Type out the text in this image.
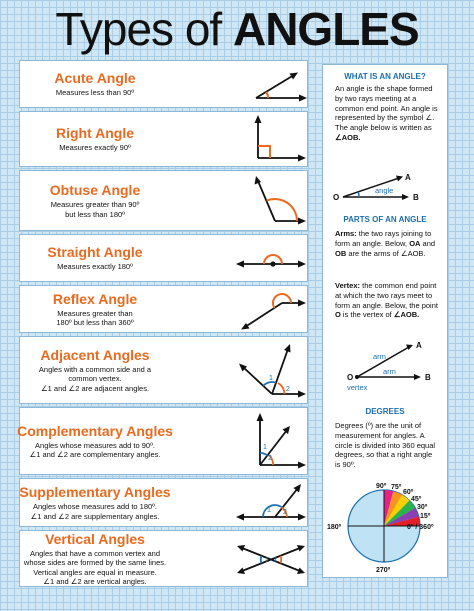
Types of ANGLES
Acute Angle
Measures less than 90º
Right Angle
Measures exactly 90º
Obtuse Angle
Measures greater than 90º
but less than 180º
Straight Angle
Measures exactly 180º
Reflex Angle
Measures greater than
180º but less than 360º
Adjacent Angles
Angles with a common side and a
common vertex.
∠1 and ∠2 are adjacent angles.
1
2
Complementary Angles
Angles whose measures add to 90º.
∠1 and ∠2 are complementary angles.
1
2
Supplementary Angles
Angles whose measures add to 180º.
∠1 and ∠2 are supplementary angles.
1 2
Vertical Angles
Angles that have a common vertex and
whose sides are formed by the same lines.
Vertical angles are equal in measure.
∠1 and ∠2 are vertical angles.
1 2
WHAT IS AN ANGLE?
An angle is the shape formed by two rays meeting at a common end point. An angle is represented by the symbol ∠. The angle below is written as ∠AOB.
A
O	B
angle
PARTS OF AN ANGLE
Arms: the two rays joining to form an angle. Below, OA and OB are the arms of ∠AOB.
Vertex: the common end point at which the two rays meet to form an angle. Below, the point O is the vertex of ∠AOB.
A
O	B
arm
arm
vertex
DEGREES
Degrees (º) are the unit of measurement for angles. A circle is divided into 360 equal degrees, so that a right angle is 90º.
90º 75º
60º
45º
30º
15º
0º / 360º
180º
270º
